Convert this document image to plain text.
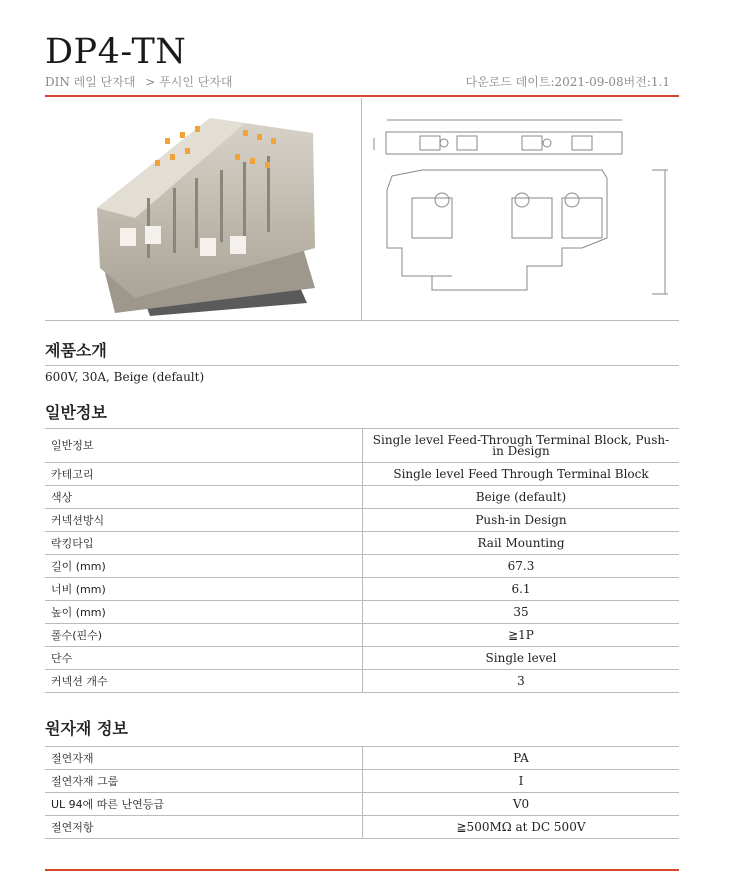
DP4-TN
DIN 레일 단자대 > 푸시인 단자대	다운로드 데이트:2021-09-08버전:1.1
제품소개
600V, 30A, Beige (default)
일반정보
일반정보	Single level Feed-Through Terminal Block, Push-in Design
카테고리	Single level Feed Through Terminal Block
색상	Beige (default)
커넥션방식	Push-in Design
락킹타입	Rail Mounting
길이 (mm)	67.3
너비 (mm)	6.1
높이 (mm)	35
폴수(핀수)	≧1P
단수	Single level
커넥션 개수	3
원자재 정보
절연자재	PA
절연자재 그룹	I
UL 94에 따른 난연등급	V0
절연저항	≧500MΩ at DC 500V
